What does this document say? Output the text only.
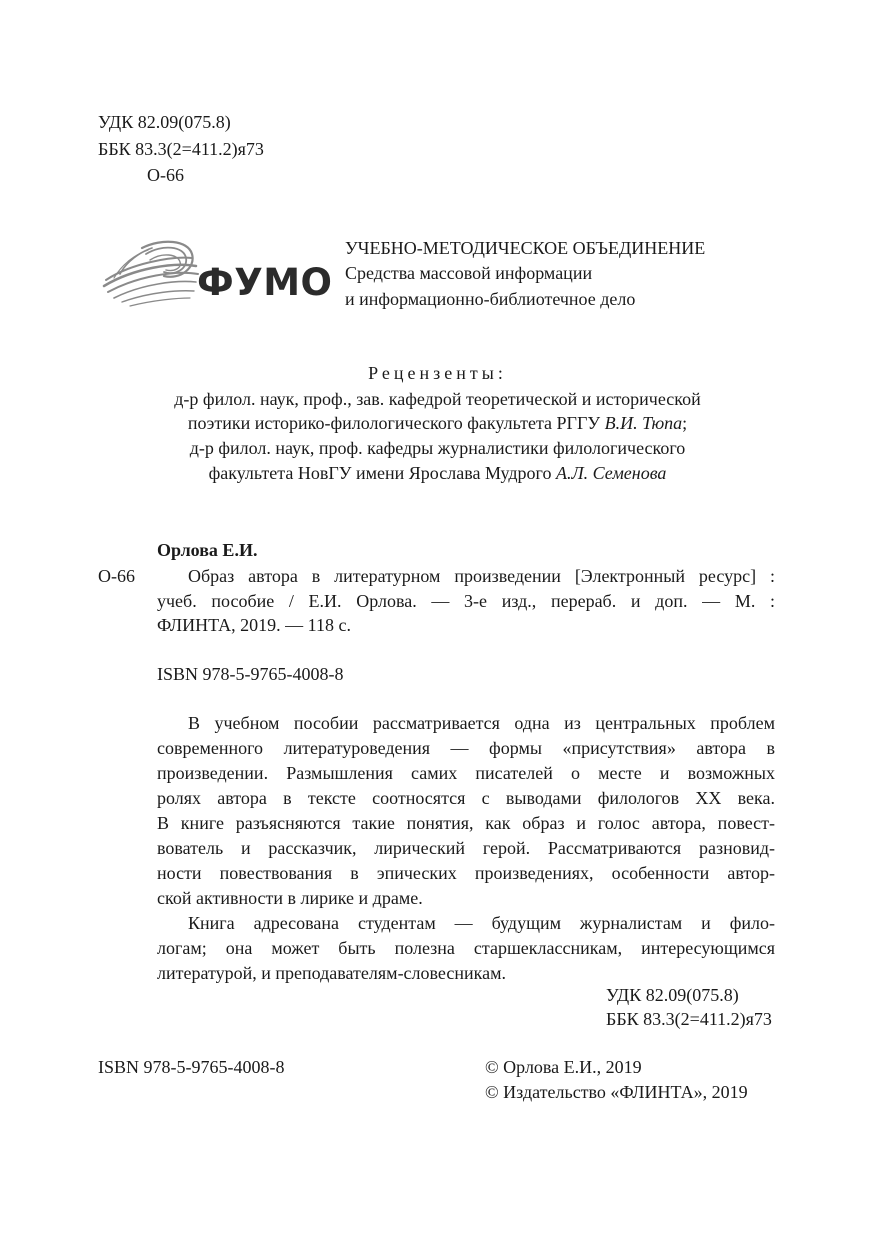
УДК 82.09(075.8)
ББК 83.3(2=411.2)я73
О-66
ФУМО
УЧЕБНО-МЕТОДИЧЕСКОЕ ОБЪЕДИНЕНИЕ
Средства массовой информации
и информационно-библиотечное дело
Рецензенты:
д-р филол. наук, проф., зав. кафедрой теоретической и исторической
поэтики историко-филологического факультета РГГУ В.И. Тюпа;
д-р филол. наук, проф. кафедры журналистики филологического
факультета НовГУ имени Ярослава Мудрого А.Л. Семенова
Орлова Е.И.
О-66	Образ автора в литературном произведении [Электронный ресурс] :
учеб. пособие / Е.И. Орлова. — 3-е изд., перераб. и доп. — М. :
ФЛИНТА, 2019. — 118 с.
ISBN 978-5-9765-4008-8
В учебном пособии рассматривается одна из центральных проблем
современного литературоведения — формы «присутствия» автора в
произведении. Размышления самих писателей о месте и возможных
ролях автора в тексте соотносятся с выводами филологов XX века.
В книге разъясняются такие понятия, как образ и голос автора, повест-
вователь и рассказчик, лирический герой. Рассматриваются разновид-
ности повествования в эпических произведениях, особенности автор-
ской активности в лирике и драме.
Книга адресована студентам — будущим журналистам и фило-
логам; она может быть полезна старшеклассникам, интересующимся
литературой, и преподавателям-словесникам.
УДК 82.09(075.8)
ББК 83.3(2=411.2)я73
ISBN 978-5-9765-4008-8	© Орлова Е.И., 2019
© Издательство «ФЛИНТА», 2019
